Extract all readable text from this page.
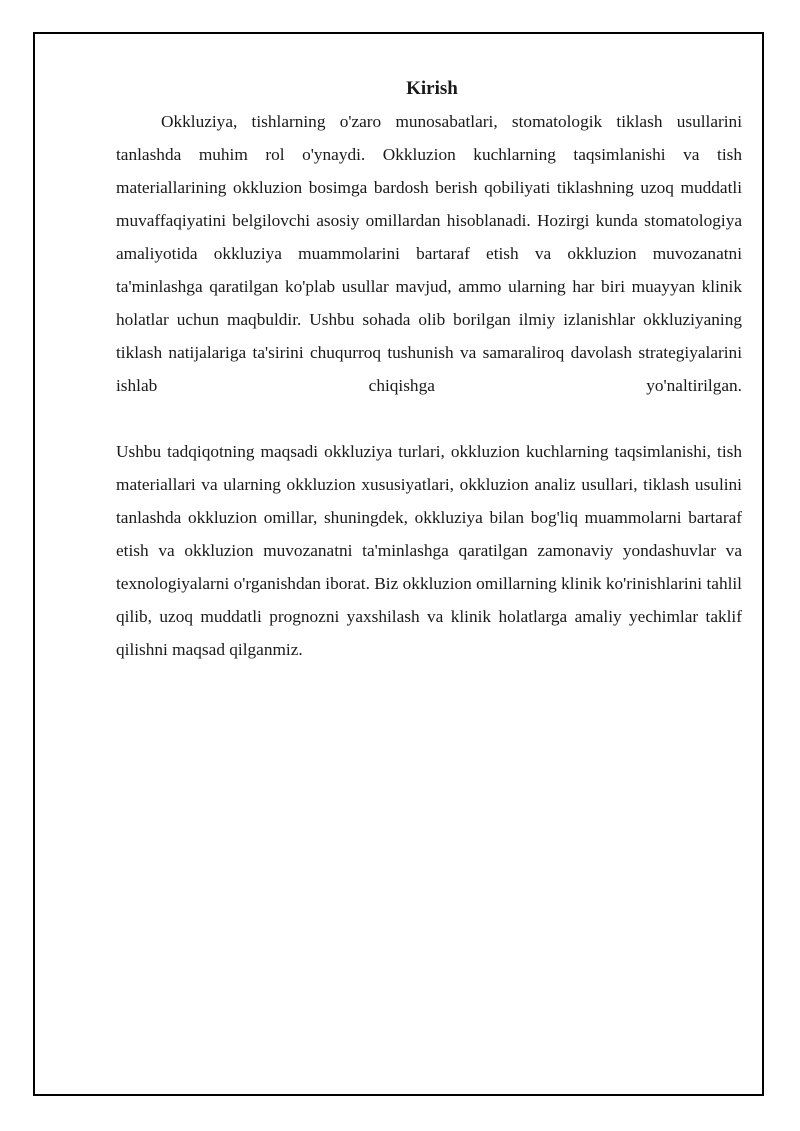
Kirish

Okkluziya, tishlarning o'zaro munosabatlari, stomatologik tiklash usullarini tanlashda muhim rol o'ynaydi. Okkluzion kuchlarning taqsimlanishi va tish materiallarining okkluzion bosimga bardosh berish qobiliyati tiklashning uzoq muddatli muvaffaqiyatini belgilovchi asosiy omillardan hisoblanadi. Hozirgi kunda stomatologiya amaliyotida okkluziya muammolarini bartaraf etish va okkluzion muvozanatni ta'minlashga qaratilgan ko'plab usullar mavjud, ammo ularning har biri muayyan klinik holatlar uchun maqbuldir. Ushbu sohada olib borilgan ilmiy izlanishlar okkluziyaning tiklash natijalariga ta'sirini chuqurroq tushunish va samaraliroq davolash strategiyalarini ishlab chiqishga yo'naltirilgan.

Ushbu tadqiqotning maqsadi okkluziya turlari, okkluzion kuchlarning taqsimlanishi, tish materiallari va ularning okkluzion xususiyatlari, okkluzion analiz usullari, tiklash usulini tanlashda okkluzion omillar, shuningdek, okkluziya bilan bog'liq muammolarni bartaraf etish va okkluzion muvozanatni ta'minlashga qaratilgan zamonaviy yondashuvlar va texnologiyalarni o'rganishdan iborat. Biz okkluzion omillarning klinik ko'rinishlarini tahlil qilib, uzoq muddatli prognozni yaxshilash va klinik holatlarga amaliy yechimlar taklif qilishni maqsad qilganmiz.
